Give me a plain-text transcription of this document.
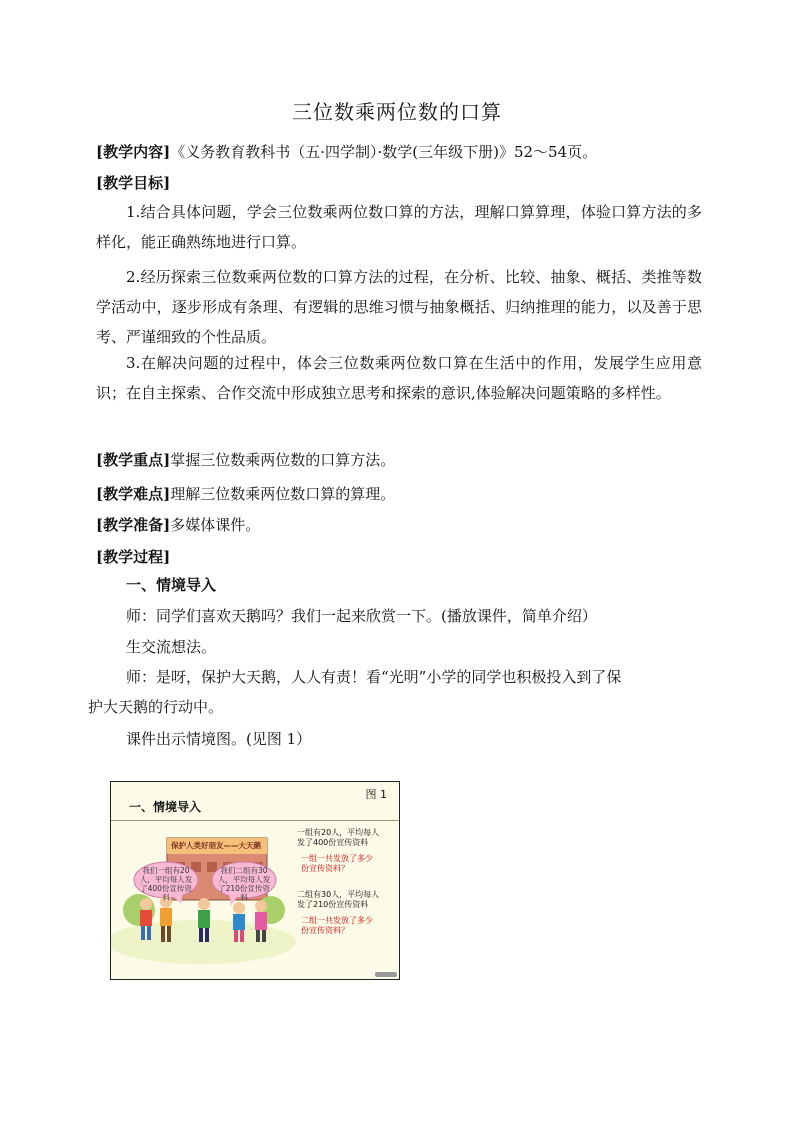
三位数乘两位数的口算
[教学内容]《义务教育教科书（五·四学制）·数学(三年级下册)》52～54页。
[教学目标]
1.结合具体问题，学会三位数乘两位数口算的方法，理解口算算理，体验口算方法的多样化，能正确熟练地进行口算。
2.经历探索三位数乘两位数的口算方法的过程，在分析、比较、抽象、概括、类推等数学活动中，逐步形成有条理、有逻辑的思维习惯与抽象概括、归纳推理的能力，以及善于思考、严谨细致的个性品质。
3.在解决问题的过程中，体会三位数乘两位数口算在生活中的作用，发展学生应用意识；在自主探索、合作交流中形成独立思考和探索的意识,体验解决问题策略的多样性。
[教学重点]掌握三位数乘两位数的口算方法。
[教学难点]理解三位数乘两位数口算的算理。
[教学准备]多媒体课件。
[教学过程]
一、情境导入
师：同学们喜欢天鹅吗？我们一起来欣赏一下。(播放课件，简单介绍）
生交流想法。
师：是呀，保护大天鹅，人人有责！看“光明”小学的同学也积极投入到了保
护大天鹅的行动中。
课件出示情境图。(见图 1）
图 1
一、情境导入
保护人类好朋友——大天鹅
我们一组有20
人，平均每人发
了400份宣传资料
我们二组有30
人，平均每人发
了210份宣传资料
一组有20人，平均每人
发了400份宣传资料
一组一共发放了多少
份宣传资料？
二组有30人，平均每人
发了210份宣传资料
二组一共发放了多少
份宣传资料？
